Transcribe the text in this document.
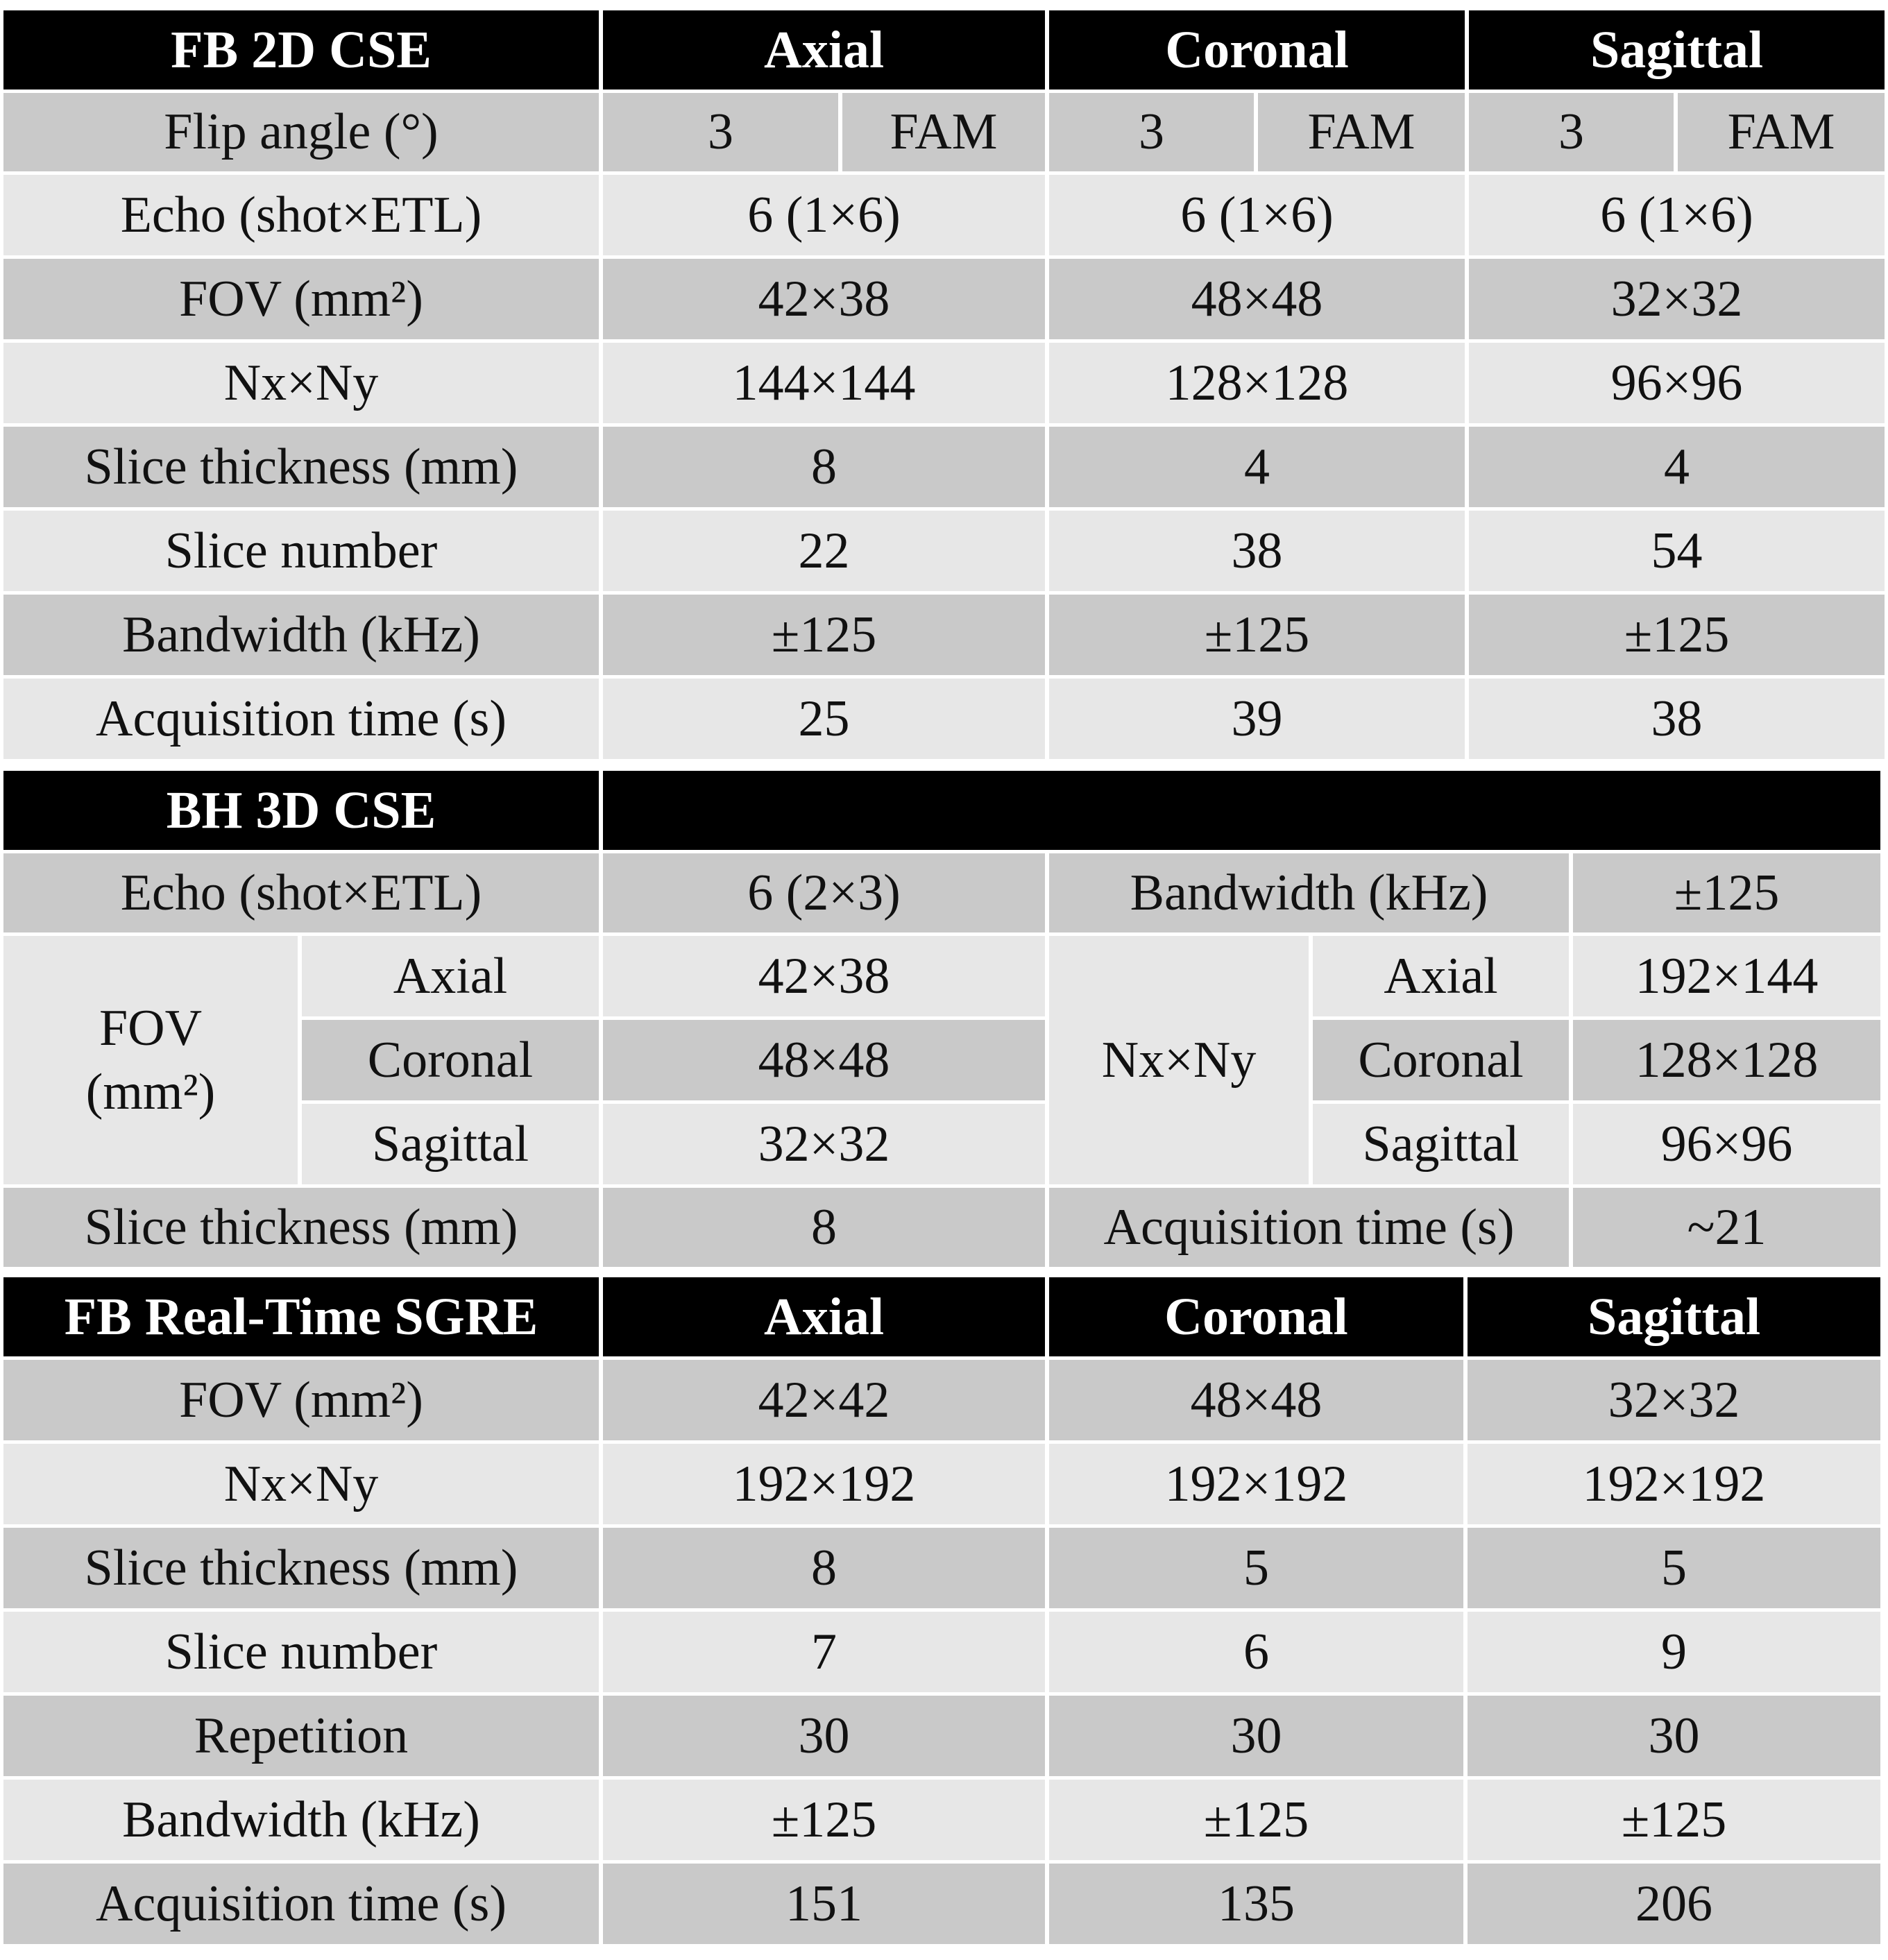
FB 2D CSE	Axial		Coronal		Sagittal	
Flip angle (°)	3	FAM	3	FAM	3	FAM
Echo (shot×ETL)	6 (1×6)		6 (1×6)		6 (1×6)	
FOV (mm²)	42×38		48×48		32×32	
Nx×Ny	144×144		128×128		96×96	
Slice thickness (mm)	8		4		4	
Slice number	22		38		54	
Bandwidth (kHz)	±125		±125		±125	
Acquisition time (s)	25		39		38	
BH 3D CSE					
Echo (shot×ETL)		6 (2×3)	Bandwidth (kHz)		±125

FOV
(mm²)	Axial	42×38	Nx×Ny	Axial	192×144
	Coronal	48×48		Coronal	128×128
	Sagittal	32×32		Sagittal	96×96
Slice thickness (mm)		8	Acquisition time (s)		~21
FB Real-Time SGRE	Axial	Coronal	Sagittal
FOV (mm²)	42×42	48×48	32×32
Nx×Ny	192×192	192×192	192×192
Slice thickness (mm)	8	5	5
Slice number	7	6	9
Repetition	30	30	30
Bandwidth (kHz)	±125	±125	±125
Acquisition time (s)	151	135	206
